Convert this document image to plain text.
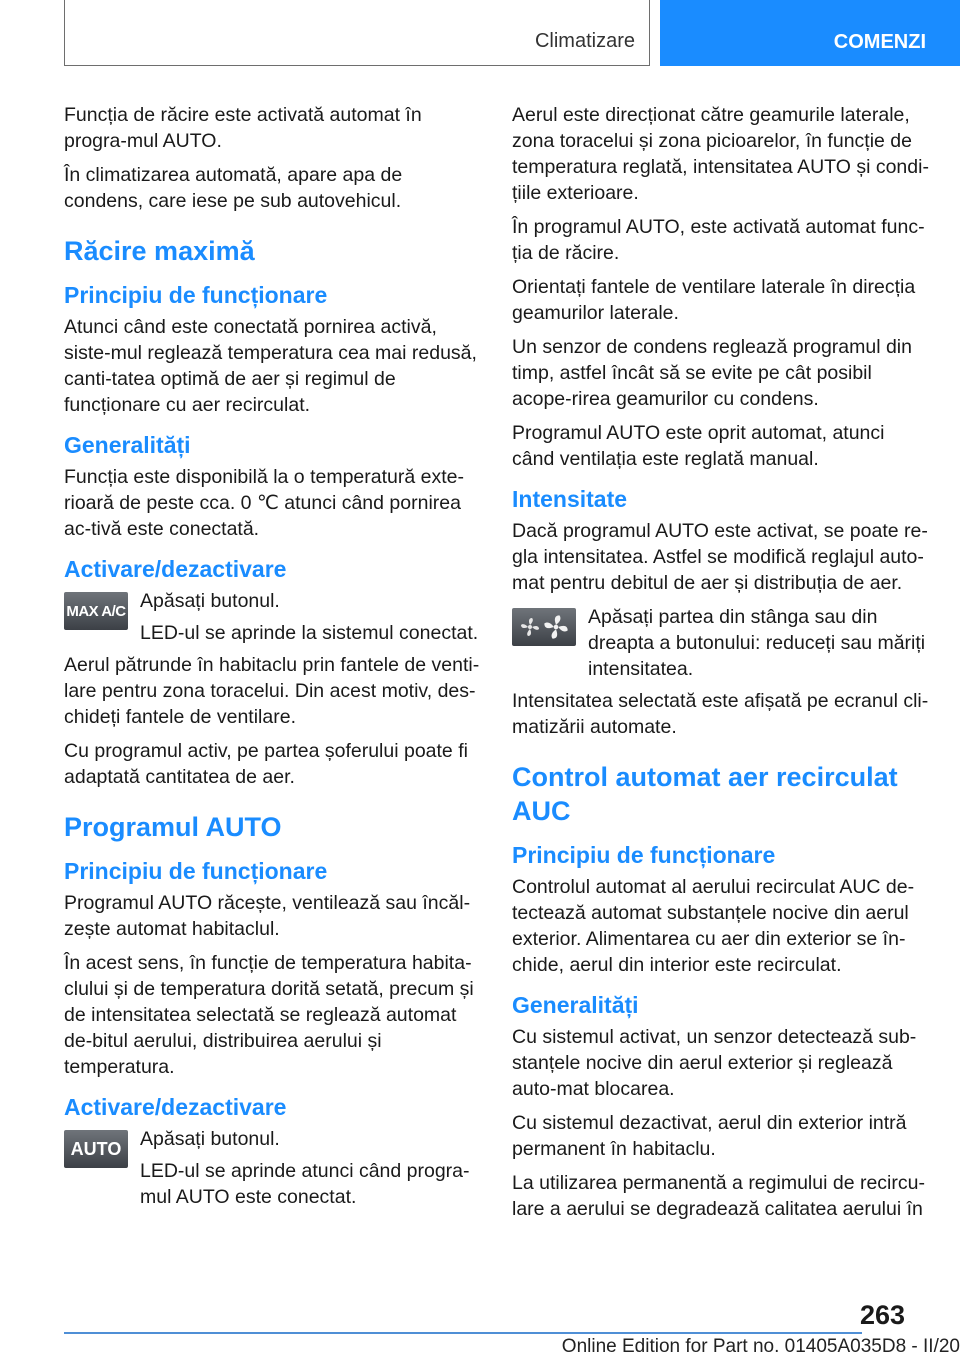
Climatizare	COMENZI

Funcția de răcire este activată automat în progra‐mul AUTO.

În climatizarea automată, apare apa de condens, care iese pe sub autovehicul.

Răcire maximă
Principiu de funcționare

Atunci când este conectată pornirea activă, siste‐mul reglează temperatura cea mai redusă, canti‐tatea optimă de aer și regimul de funcționare cu aer recirculat.

Generalități

Funcția este disponibilă la o temperatură exte‐rioară de peste cca. 0 ℃ atunci când pornirea ac‐tivă este conectată.

Activare/dezactivare
MAX A/C Apăsați butonul.

LED-ul se aprinde la sistemul conectat.

Aerul pătrunde în habitaclu prin fantele de venti‐lare pentru zona toracelui. Din acest motiv, des‐chideți fantele de ventilare.

Cu programul activ, pe partea șoferului poate fi adaptată cantitatea de aer.

Programul AUTO
Principiu de funcționare

Programul AUTO răcește, ventilează sau încăl‐zește automat habitaclul.

În acest sens, în funcție de temperatura habita‐clului și de temperatura dorită setată, precum și de intensitatea selectată se reglează automat de‐bitul aerului, distribuirea aerului și temperatura.

Activare/dezactivare
AUTO Apăsați butonul.

LED-ul se aprinde atunci când progra‐mul AUTO este conectat.

Aerul este direcționat către geamurile laterale, zona toracelui și zona picioarelor, în funcție de temperatura reglată, intensitatea AUTO și condi‐țiile exterioare.

În programul AUTO, este activată automat func‐ția de răcire.

Orientați fantele de ventilare laterale în direcția geamurilor laterale.

Un senzor de condens reglează programul din timp, astfel încât să se evite pe cât posibil acope‐rirea geamurilor cu condens.

Programul AUTO este oprit automat, atunci când ventilația este reglată manual.

Intensitate

Dacă programul AUTO este activat, se poate re‐gla intensitatea. Astfel se modifică reglajul auto‐mat pentru debitul de aer și distribuția de aer.

Apăsați partea din stânga sau din dreapta a butonului: reduceți sau măriți intensitatea.

Intensitatea selectată este afișată pe ecranul cli‐matizării automate.

Control automat aer recirculat AUC
Principiu de funcționare

Controlul automat al aerului recirculat AUC de‐tectează automat substanțele nocive din aerul exterior. Alimentarea cu aer din exterior se în‐chide, aerul din interior este recirculat.

Generalități

Cu sistemul activat, un senzor detectează sub‐stanțele nocive din aerul exterior și reglează auto‐mat blocarea.

Cu sistemul dezactivat, aerul din exterior intră permanent în habitaclu.

La utilizarea permanentă a regimului de recircu‐lare a aerului se degradează calitatea aerului în

263
Online Edition for Part no. 01405A035D8 - II/20
